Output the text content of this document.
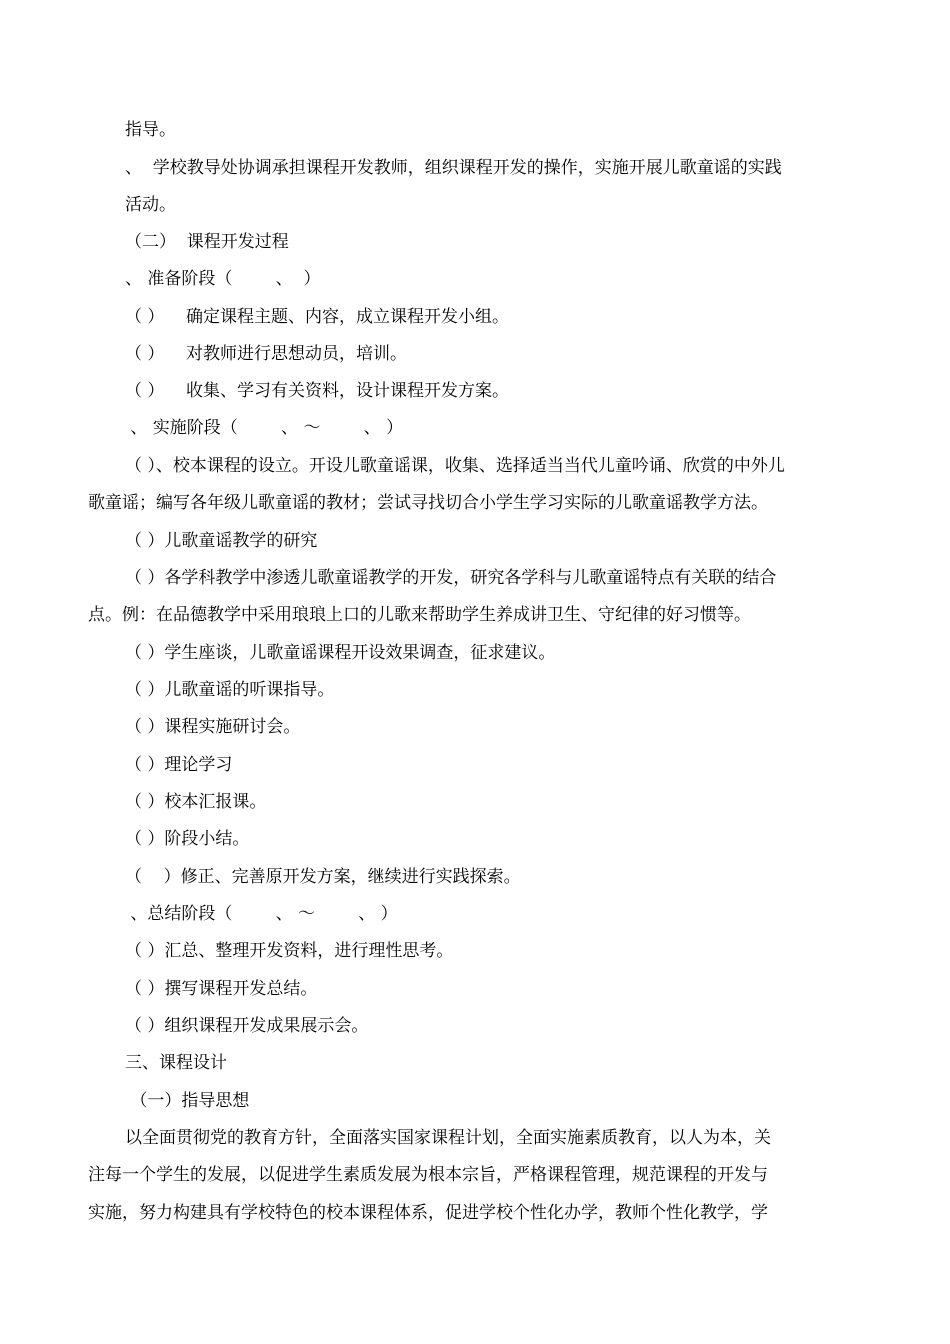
指导。

、  学校教导处协调承担课程开发教师，组织课程开发的操作，实施开展儿歌童谣的实践

活动。

（二）  课程开发过程

、 准备阶段（        、  ）

（ ）    确定课程主题、内容，成立课程开发小组。

（ ）    对教师进行思想动员，培训。

（ ）    收集、学习有关资料，设计课程开发方案。

、 实施阶段（        、 ～        、 ）

（ ）、校本课程的设立。开设儿歌童谣课，收集、选择适当当代儿童吟诵、欣赏的中外儿

歌童谣；编写各年级儿歌童谣的教材；尝试寻找切合小学生学习实际的儿歌童谣教学方法。

（ ）儿歌童谣教学的研究

（ ）各学科教学中渗透儿歌童谣教学的开发，研究各学科与儿歌童谣特点有关联的结合

点。例：在品德教学中采用琅琅上口的儿歌来帮助学生养成讲卫生、守纪律的好习惯等。

（ ）学生座谈，儿歌童谣课程开设效果调查，征求建议。

（ ）儿歌童谣的听课指导。

（ ）课程实施研讨会。

（ ）理论学习

（ ）校本汇报课。

（ ）阶段小结。

（    ）修正、完善原开发方案，继续进行实践探索。

、总结阶段（        、 ～        、 ）

（ ）汇总、整理开发资料，进行理性思考。

（ ）撰写课程开发总结。

（ ）组织课程开发成果展示会。

三、课程设计

（一）指导思想

以全面贯彻党的教育方针，全面落实国家课程计划，全面实施素质教育，以人为本，关

注每一个学生的发展，以促进学生素质发展为根本宗旨，严格课程管理，规范课程的开发与

实施，努力构建具有学校特色的校本课程体系，促进学校个性化办学，教师个性化教学，学
